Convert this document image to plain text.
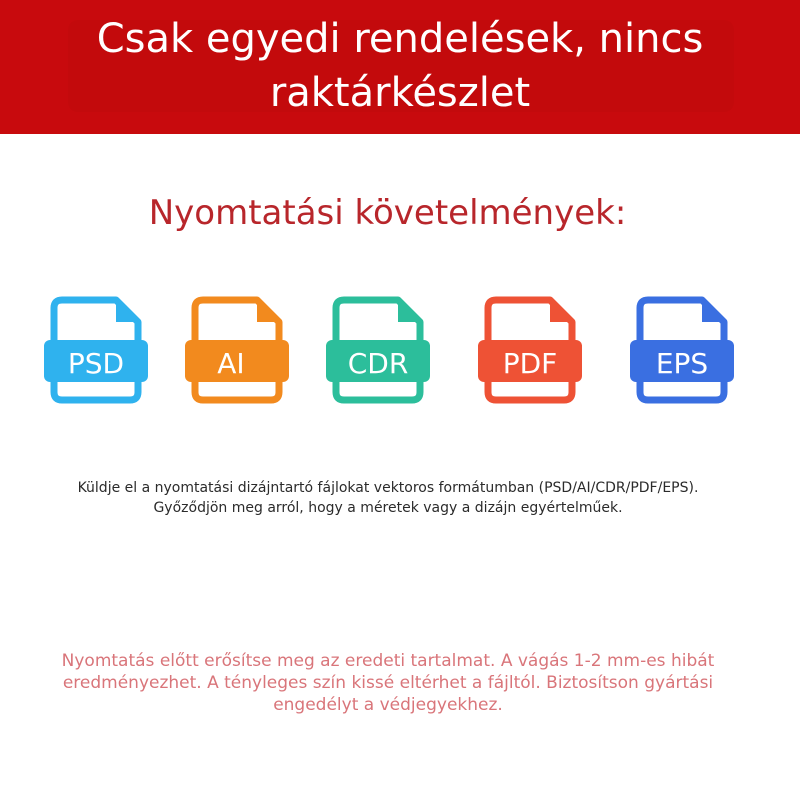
Csak egyedi rendelések, nincs
raktárkészlet
Nyomtatási követelmények:
PSD	AI	CDR	PDF	EPS
Küldje el a nyomtatási dizájntartó fájlokat vektoros formátumban (PSD/AI/CDR/PDF/EPS).
Győződjön meg arról, hogy a méretek vagy a dizájn egyértelműek.
Nyomtatás előtt erősítse meg az eredeti tartalmat. A vágás 1-2 mm-es hibát
eredményezhet. A tényleges szín kissé eltérhet a fájltól. Biztosítson gyártási
engedélyt a védjegyekhez.
